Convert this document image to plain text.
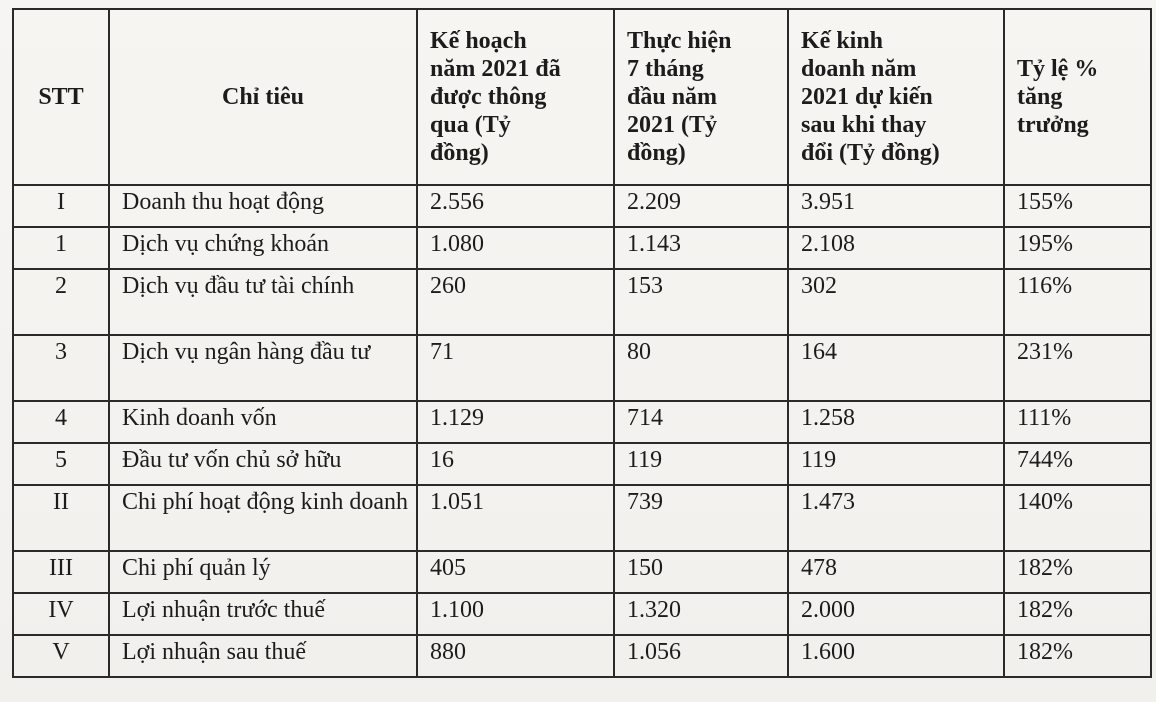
STT	Chỉ tiêu	Kế hoạch
năm 2021 đã
được thông
qua (Tỷ
đồng)	Thực hiện
7 tháng
đầu năm
2021 (Tỷ
đồng)	Kế kinh
doanh năm
2021 dự kiến
sau khi thay
đổi (Tỷ đồng)	Tỷ lệ %
tăng
trưởng

I	Doanh thu hoạt động	2.556	2.209	3.951	155%
1	Dịch vụ chứng khoán	1.080	1.143	2.108	195%
2	Dịch vụ đầu tư tài chính	260	153	302	116%
3	Dịch vụ ngân hàng đầu tư	71	80	164	231%
4	Kinh doanh vốn	1.129	714	1.258	111%
5	Đầu tư vốn chủ sở hữu	16	119	119	744%
II	Chi phí hoạt động kinh doanh	1.051	739	1.473	140%
III	Chi phí quản lý	405	150	478	182%
IV	Lợi nhuận trước thuế	1.100	1.320	2.000	182%
V	Lợi nhuận sau thuế	880	1.056	1.600	182%
